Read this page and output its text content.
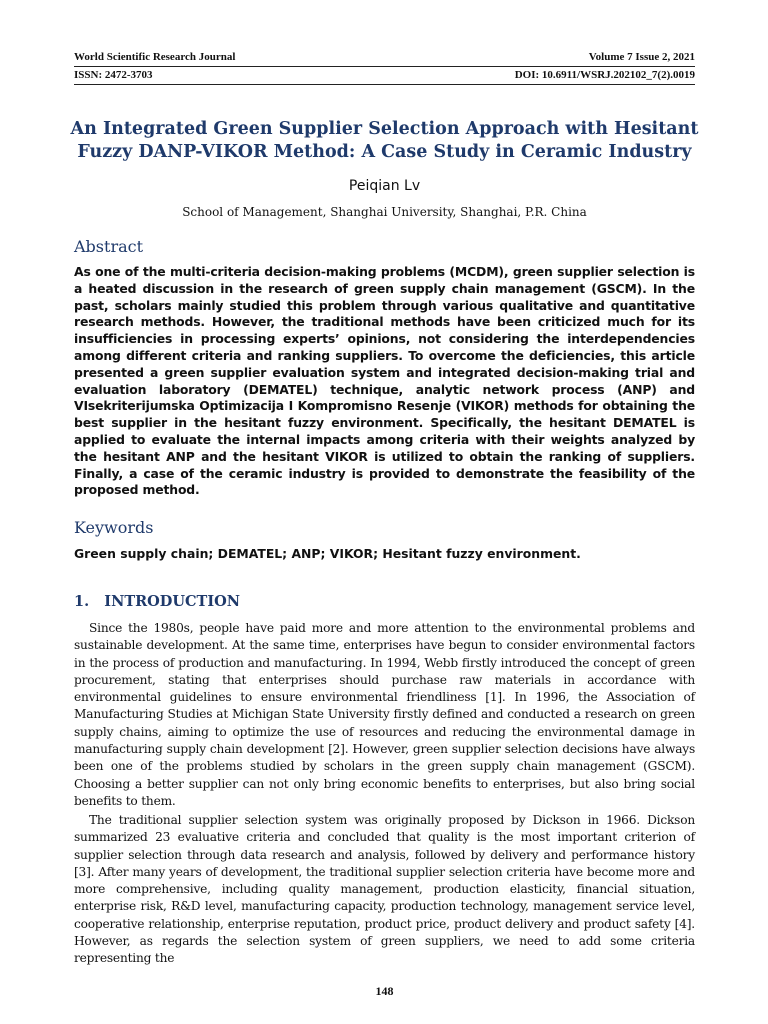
World Scientific Research Journal	Volume 7 Issue 2, 2021
ISSN: 2472-3703	DOI: 10.6911/WSRJ.202102_7(2).0019
An Integrated Green Supplier Selection Approach with Hesitant Fuzzy DANP-VIKOR Method: A Case Study in Ceramic Industry
Peiqian Lv
School of Management, Shanghai University, Shanghai, P.R. China
Abstract

As one of the multi-criteria decision-making problems (MCDM), green supplier selection is a heated discussion in the research of green supply chain management (GSCM). In the past, scholars mainly studied this problem through various qualitative and quantitative research methods. However, the traditional methods have been criticized much for its insufficiencies in processing experts’ opinions, not considering the interdependencies among different criteria and ranking suppliers. To overcome the deficiencies, this article presented a green supplier evaluation system and integrated decision-making trial and evaluation laboratory (DEMATEL) technique, analytic network process (ANP) and VIsekriterijumska Optimizacija I Kompromisno Resenje (VIKOR) methods for obtaining the best supplier in the hesitant fuzzy environment. Specifically, the hesitant DEMATEL is applied to evaluate the internal impacts among criteria with their weights analyzed by the hesitant ANP and the hesitant VIKOR is utilized to obtain the ranking of suppliers. Finally, a case of the ceramic industry is provided to demonstrate the feasibility of the proposed method.

Keywords

Green supply chain; DEMATEL; ANP; VIKOR; Hesitant fuzzy environment.

1.   INTRODUCTION

Since the 1980s, people have paid more and more attention to the environmental problems and sustainable development. At the same time, enterprises have begun to consider environmental factors in the process of production and manufacturing. In 1994, Webb firstly introduced the concept of green procurement, stating that enterprises should purchase raw materials in accordance with environmental guidelines to ensure environmental friendliness [1]. In 1996, the Association of Manufacturing Studies at Michigan State University firstly defined and conducted a research on green supply chains, aiming to optimize the use of resources and reducing the environmental damage in manufacturing supply chain development [2]. However, green supplier selection decisions have always been one of the problems studied by scholars in the green supply chain management (GSCM). Choosing a better supplier can not only bring economic benefits to enterprises, but also bring social benefits to them.

The traditional supplier selection system was originally proposed by Dickson in 1966. Dickson summarized 23 evaluative criteria and concluded that quality is the most important criterion of supplier selection through data research and analysis, followed by delivery and performance history [3]. After many years of development, the traditional supplier selection criteria have become more and more comprehensive, including quality management, production elasticity, financial situation, enterprise risk, R&D level, manufacturing capacity, production technology, management service level, cooperative relationship, enterprise reputation, product price, product delivery and product safety [4]. However, as regards the selection system of green suppliers, we need to add some criteria representing the

148
